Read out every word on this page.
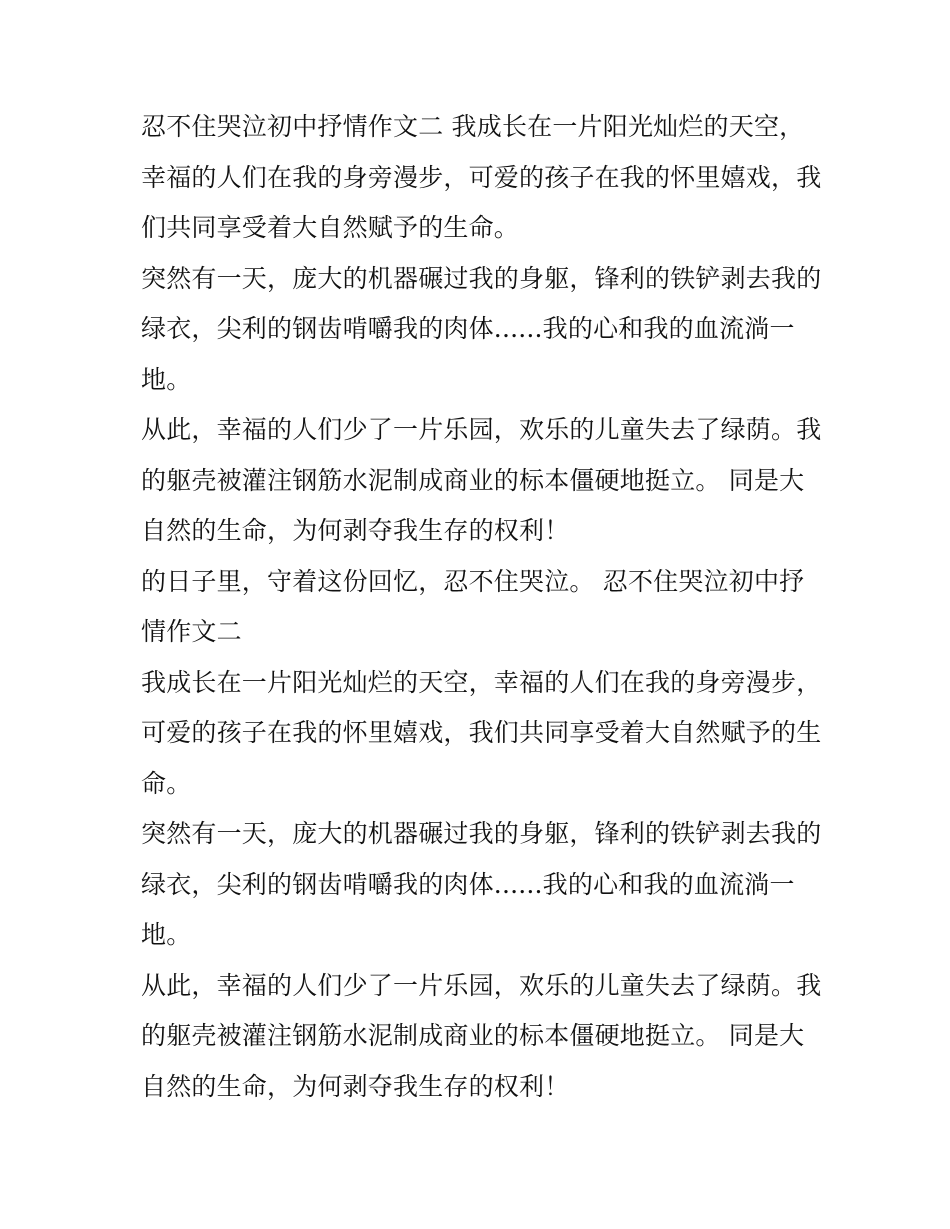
忍不住哭泣初中抒情作文二 我成长在一片阳光灿烂的天空，
幸福的人们在我的身旁漫步，可爱的孩子在我的怀里嬉戏，我
们共同享受着大自然赋予的生命。
突然有一天，庞大的机器碾过我的身躯，锋利的铁铲剥去我的
绿衣，尖利的钢齿啃嚼我的肉体......我的心和我的血流淌一
地。
从此，幸福的人们少了一片乐园，欢乐的儿童失去了绿荫。我
的躯壳被灌注钢筋水泥制成商业的标本僵硬地挺立。 同是大
自然的生命，为何剥夺我生存的权利！
的日子里，守着这份回忆，忍不住哭泣。 忍不住哭泣初中抒
情作文二
我成长在一片阳光灿烂的天空，幸福的人们在我的身旁漫步，
可爱的孩子在我的怀里嬉戏，我们共同享受着大自然赋予的生
命。
突然有一天，庞大的机器碾过我的身躯，锋利的铁铲剥去我的
绿衣，尖利的钢齿啃嚼我的肉体......我的心和我的血流淌一
地。
从此，幸福的人们少了一片乐园，欢乐的儿童失去了绿荫。我
的躯壳被灌注钢筋水泥制成商业的标本僵硬地挺立。 同是大
自然的生命，为何剥夺我生存的权利！
